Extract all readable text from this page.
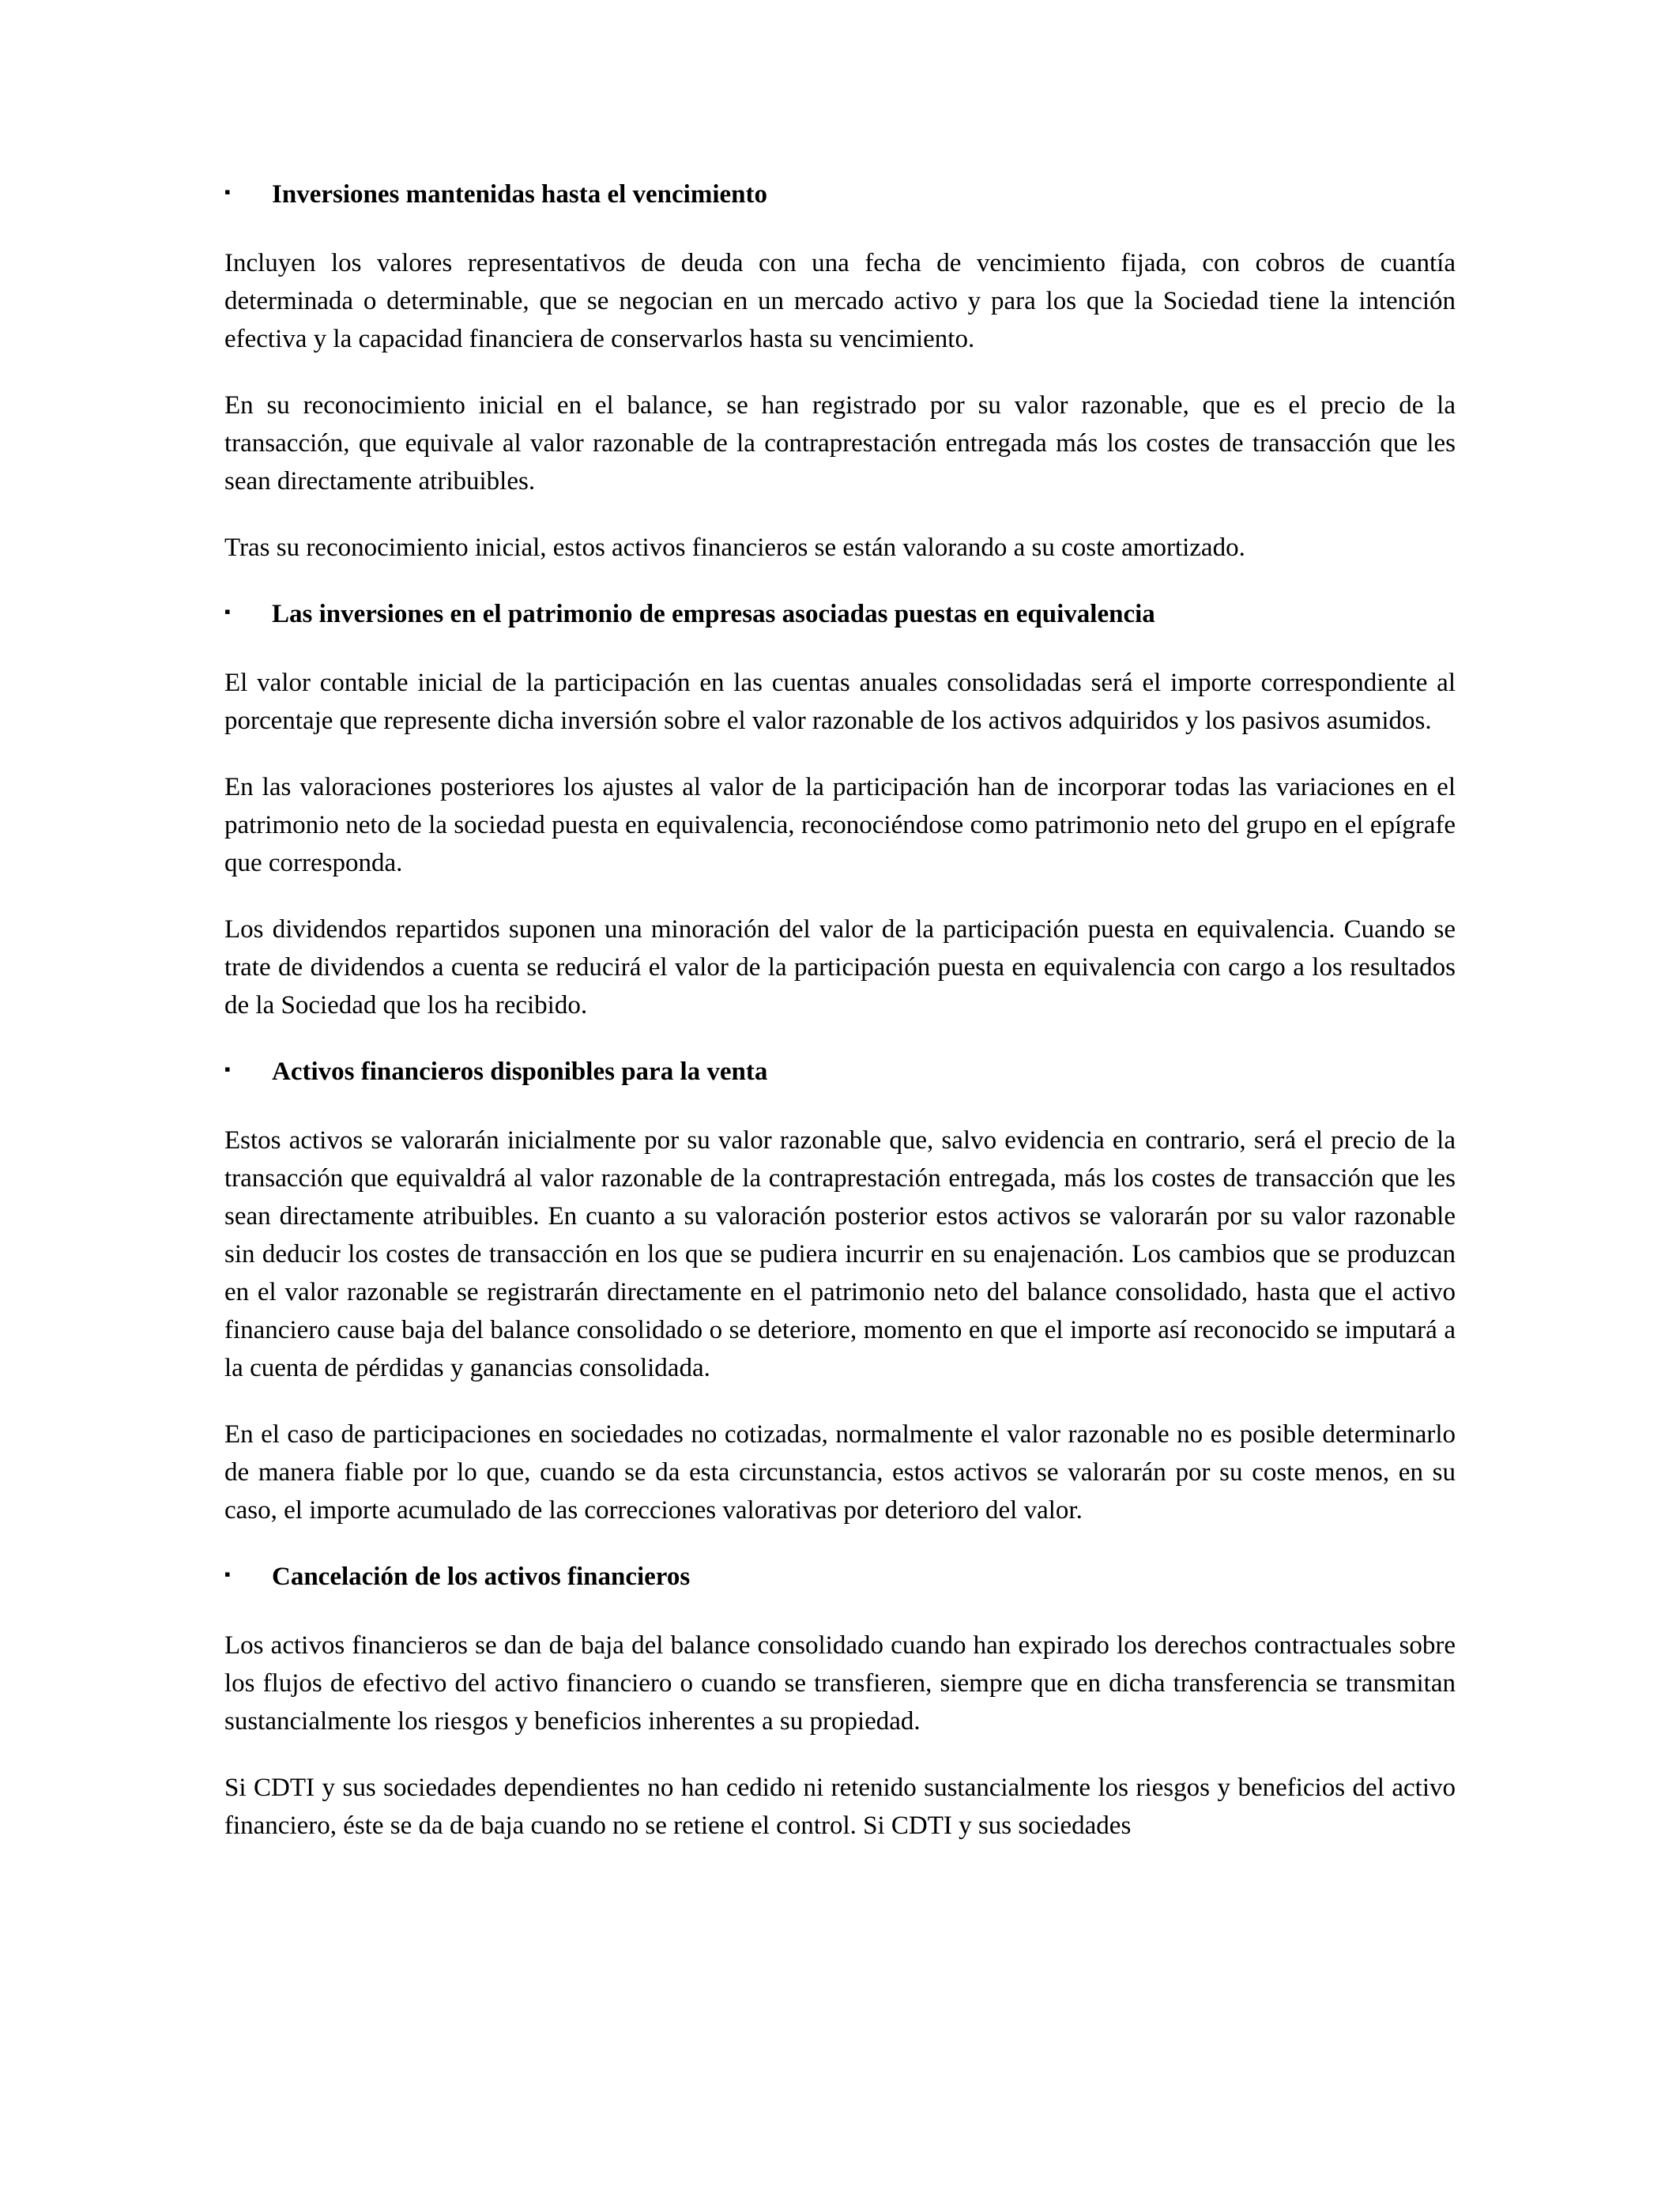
▪	Inversiones mantenidas hasta el vencimiento

Incluyen los valores representativos de deuda con una fecha de vencimiento fijada, con cobros de cuantía determinada o determinable, que se negocian en un mercado activo y para los que la Sociedad tiene la intención efectiva y la capacidad financiera de conservarlos hasta su vencimiento.

En su reconocimiento inicial en el balance, se han registrado por su valor razonable, que es el precio de la transacción, que equivale al valor razonable de la contraprestación entregada más los costes de transacción que les sean directamente atribuibles.

Tras su reconocimiento inicial, estos activos financieros se están valorando a su coste amortizado.

▪	Las inversiones en el patrimonio de empresas asociadas puestas en equivalencia

El valor contable inicial de la participación en las cuentas anuales consolidadas será el importe correspondiente al porcentaje que represente dicha inversión sobre el valor razonable de los activos adquiridos y los pasivos asumidos.

En las valoraciones posteriores los ajustes al valor de la participación han de incorporar todas las variaciones en el patrimonio neto de la sociedad puesta en equivalencia, reconociéndose como patrimonio neto del grupo en el epígrafe que corresponda.

Los dividendos repartidos suponen una minoración del valor de la participación puesta en equivalencia. Cuando se trate de dividendos a cuenta se reducirá el valor de la participación puesta en equivalencia con cargo a los resultados de la Sociedad que los ha recibido.

▪	Activos financieros disponibles para la venta

Estos activos se valorarán inicialmente por su valor razonable que, salvo evidencia en contrario, será el precio de la transacción que equivaldrá al valor razonable de la contraprestación entregada, más los costes de transacción que les sean directamente atribuibles. En cuanto a su valoración posterior estos activos se valorarán por su valor razonable sin deducir los costes de transacción en los que se pudiera incurrir en su enajenación. Los cambios que se produzcan en el valor razonable se registrarán directamente en el patrimonio neto del balance consolidado, hasta que el activo financiero cause baja del balance consolidado o se deteriore, momento en que el importe así reconocido se imputará a la cuenta de pérdidas y ganancias consolidada.

En el caso de participaciones en sociedades no cotizadas, normalmente el valor razonable no es posible determinarlo de manera fiable por lo que, cuando se da esta circunstancia, estos activos se valorarán por su coste menos, en su caso, el importe acumulado de las correcciones valorativas por deterioro del valor.

▪	Cancelación de los activos financieros

Los activos financieros se dan de baja del balance consolidado cuando han expirado los derechos contractuales sobre los flujos de efectivo del activo financiero o cuando se transfieren, siempre que en dicha transferencia se transmitan sustancialmente los riesgos y beneficios inherentes a su propiedad.

Si CDTI y sus sociedades dependientes no han cedido ni retenido sustancialmente los riesgos y beneficios del activo financiero, éste se da de baja cuando no se retiene el control. Si CDTI y sus sociedades
